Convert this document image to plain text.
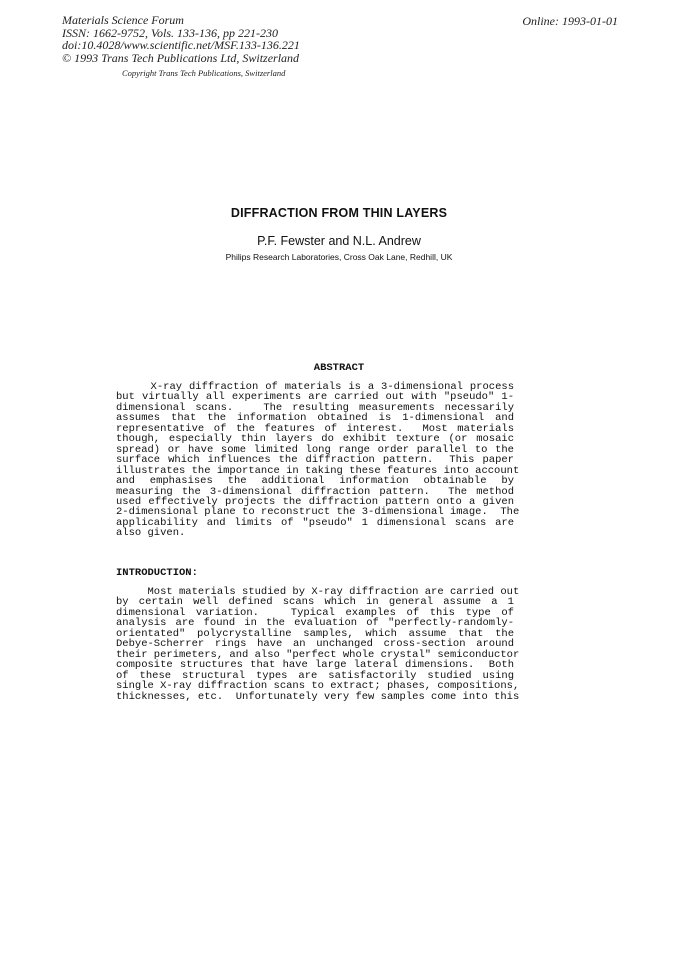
Materials Science Forum
ISSN: 1662-9752, Vols. 133-136, pp 221-230
doi:10.4028/www.scientific.net/MSF.133-136.221
© 1993 Trans Tech Publications Ltd, Switzerland
Online: 1993-01-01
Copyright Trans Tech Publications, Switzerland
DIFFRACTION FROM THIN LAYERS
P.F. Fewster and N.L. Andrew
Philips Research Laboratories, Cross Oak Lane, Redhill, UK
ABSTRACT
X-ray diffraction of materials is a 3-dimensional process
but virtually all experiments are carried out with "pseudo" 1-
dimensional scans.   The resulting measurements necessarily
assumes that the information obtained is 1-dimensional and
representative of the features of interest.  Most materials
though, especially thin layers do exhibit texture (or mosaic
spread) or have some limited long range order parallel to the
surface which influences the diffraction pattern.  This paper
illustrates the importance in taking these features into account
and emphasises the additional information obtainable by
measuring the 3-dimensional diffraction pattern.  The method
used effectively projects the diffraction pattern onto a given
2-dimensional plane to reconstruct the 3-dimensional image.  The
applicability and limits of "pseudo" 1 dimensional scans are
also given.
INTRODUCTION:
Most materials studied by X-ray diffraction are carried out
by certain well defined scans which in general assume a 1
dimensional variation.   Typical examples of this type of
analysis are found in the evaluation of "perfectly-randomly-
orientated" polycrystalline samples, which assume that the
Debye-Scherrer rings have an unchanged cross-section around
their perimeters, and also "perfect whole crystal" semiconductor
composite structures that have large lateral dimensions.  Both
of these structural types are satisfactorily studied using
single X-ray diffraction scans to extract; phases, compositions,
thicknesses, etc.  Unfortunately very few samples come into this
